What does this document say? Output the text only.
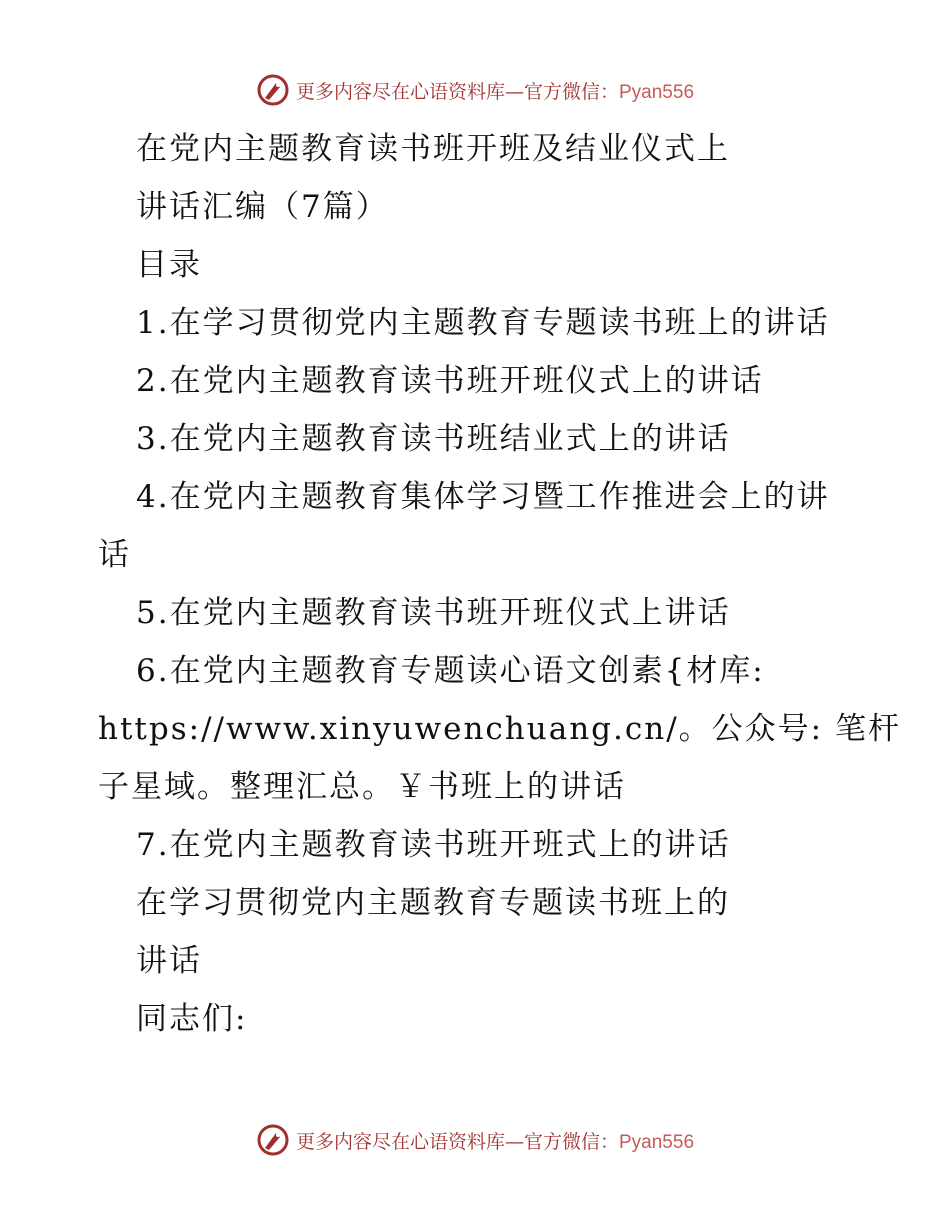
更多内容尽在心语资料库—官方微信：Pyan556
在党内主题教育读书班开班及结业仪式上
讲话汇编（7篇）
目录
1.在学习贯彻党内主题教育专题读书班上的讲话
2.在党内主题教育读书班开班仪式上的讲话
3.在党内主题教育读书班结业式上的讲话
4.在党内主题教育集体学习暨工作推进会上的讲
话
5.在党内主题教育读书班开班仪式上讲话
6.在党内主题教育专题读心语文创素{材库:
https://www.xinyuwenchuang.cn/。公众号: 笔杆
子星域。整理汇总。￥书班上的讲话
7.在党内主题教育读书班开班式上的讲话
在学习贯彻党内主题教育专题读书班上的
讲话
同志们:
更多内容尽在心语资料库—官方微信：Pyan556
